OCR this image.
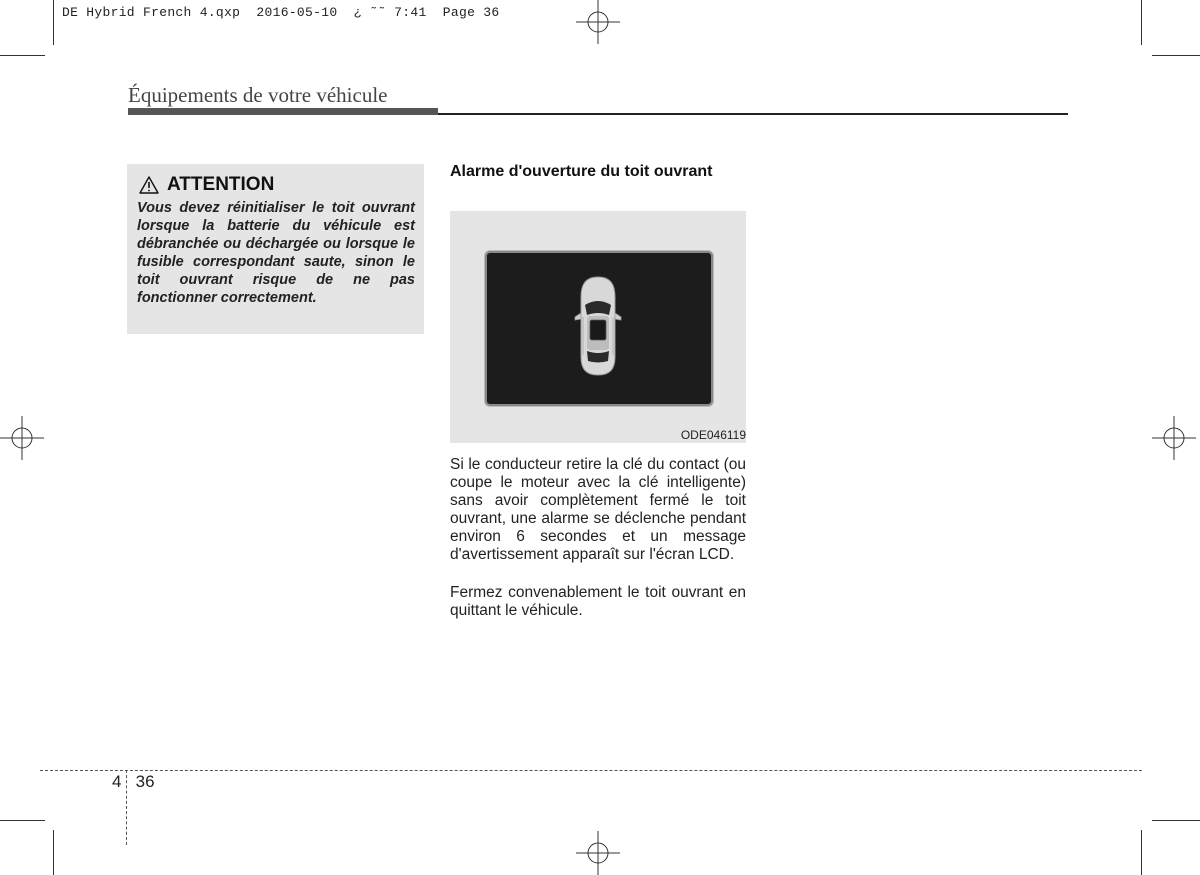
DE Hybrid French 4.qxp  2016-05-10  ¿ ˜˜ 7:41  Page 36
Équipements de votre véhicule
ATTENTION
Vous devez réinitialiser le toit ouvrant lorsque la batterie du véhicule est débranchée ou déchargée ou lorsque le fusible correspondant saute, sinon le toit ouvrant risque de ne pas fonctionner correctement.
Alarme d'ouverture du toit ouvrant
ODE046119
Si le conducteur retire la clé du contact (ou coupe le moteur avec la clé intelligente) sans avoir complètement fermé le toit ouvrant, une alarme se déclenche pendant environ 6 secondes et un message d'avertissement apparaît sur l'écran LCD.
Fermez convenablement le toit ouvrant en quittant le véhicule.
4 36
